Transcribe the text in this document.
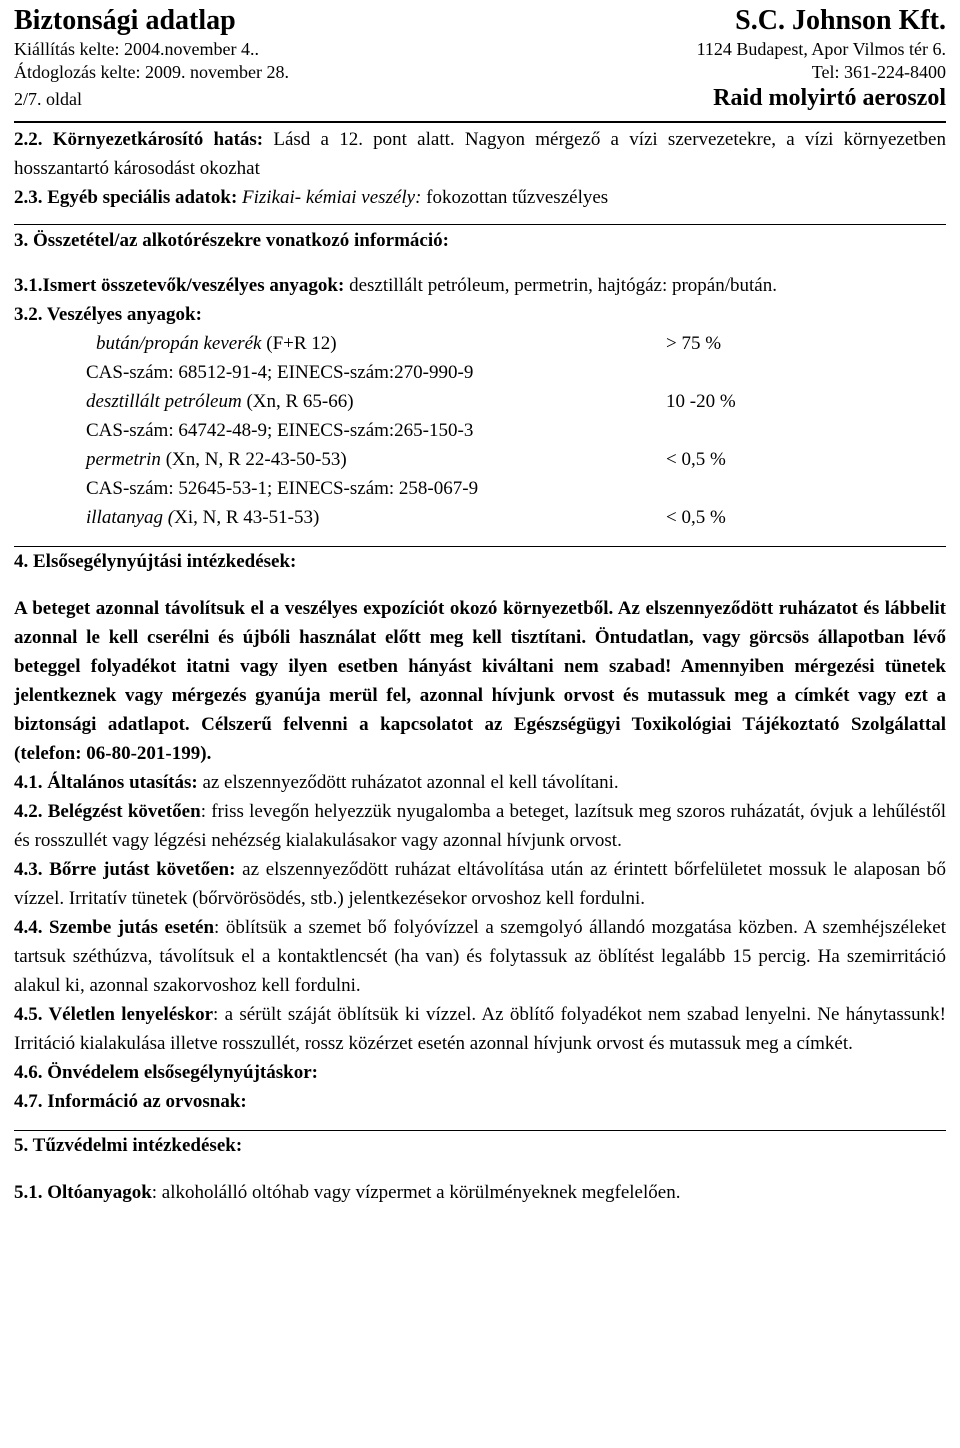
Biztonsági adatlap
Kiállítás kelte: 2004.november 4..
Átdoglozás kelte: 2009. november 28.
2/7. oldal
S.C. Johnson Kft.
1124 Budapest, Apor Vilmos tér 6.
Tel: 361-224-8400
Raid molyirtó aeroszol

2.2. Környezetkárosító hatás: Lásd a 12. pont alatt. Nagyon mérgező a vízi szervezetekre, a vízi környezetben hosszantartó károsodást okozhat

2.3. Egyéb speciális adatok: Fizikai- kémiai veszély: fokozottan tűzveszélyes

3. Összetétel/az alkotórészekre vonatkozó információ:

3.1.Ismert összetevők/veszélyes anyagok: desztillált petróleum, permetrin, hajtógáz: propán/bután.

3.2. Veszélyes anyagok:

bután/propán keverék (F+R 12)	> 75 %
CAS-szám: 68512-91-4; EINECS-szám:270-990-9
desztillált petróleum (Xn, R 65-66)	10 -20 %
CAS-szám: 64742-48-9; EINECS-szám:265-150-3
permetrin (Xn, N, R 22-43-50-53)	< 0,5 %
CAS-szám: 52645-53-1; EINECS-szám: 258-067-9
illatanyag (Xi, N, R 43-51-53)	< 0,5 %

4. Elsősegélynyújtási intézkedések:

A beteget azonnal távolítsuk el a veszélyes expozíciót okozó környezetből. Az elszennyeződött ruházatot és lábbelit azonnal le kell cserélni és újbóli használat előtt meg kell tisztítani. Öntudatlan, vagy görcsös állapotban lévő beteggel folyadékot itatni vagy ilyen esetben hányást kiváltani nem szabad! Amennyiben mérgezési tünetek jelentkeznek vagy mérgezés gyanúja merül fel, azonnal hívjunk orvost és mutassuk meg a címkét vagy ezt a biztonsági adatlapot. Célszerű felvenni a kapcsolatot az Egészségügyi Toxikológiai Tájékoztató Szolgálattal (telefon: 06-80-201-199).

4.1. Általános utasítás: az elszennyeződött ruházatot azonnal el kell távolítani.

4.2. Belégzést követően: friss levegőn helyezzük nyugalomba a beteget, lazítsuk meg szoros ruházatát, óvjuk a lehűléstől és rosszullét vagy légzési nehézség kialakulásakor vagy azonnal hívjunk orvost.

4.3. Bőrre jutást követően: az elszennyeződött ruházat eltávolítása után az érintett bőrfelületet mossuk le alaposan bő vízzel. Irritatív tünetek (bőrvörösödés, stb.) jelentkezésekor orvoshoz kell fordulni.

4.4. Szembe jutás esetén: öblítsük a szemet bő folyóvízzel a szemgolyó állandó mozgatása közben. A szemhéjszéleket tartsuk széthúzva, távolítsuk el a kontaktlencsét (ha van) és folytassuk az öblítést legalább 15 percig. Ha szemirritáció alakul ki, azonnal szakorvoshoz kell fordulni.

4.5. Véletlen lenyeléskor: a sérült száját öblítsük ki vízzel. Az öblítő folyadékot nem szabad lenyelni. Ne hánytassunk! Irritáció kialakulása illetve rosszullét, rossz közérzet esetén azonnal hívjunk orvost és mutassuk meg a címkét.

4.6. Önvédelem elsősegélynyújtáskor:

4.7. Információ az orvosnak:

5. Tűzvédelmi intézkedések:

5.1. Oltóanyagok: alkoholálló oltóhab vagy vízpermet a körülményeknek megfelelően.
